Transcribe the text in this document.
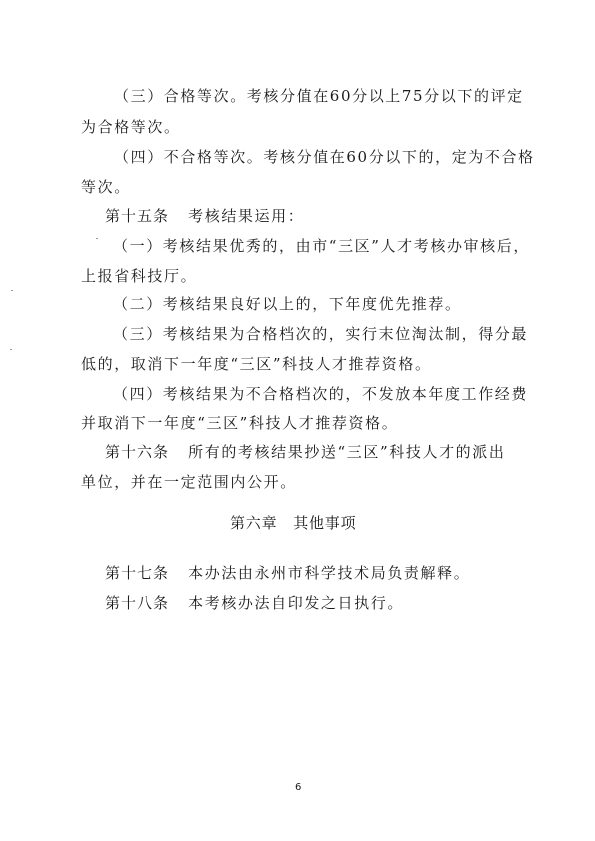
（三）合格等次。考核分值在60分以上75分以下的评定
为合格等次。
（四）不合格等次。考核分值在60分以下的，定为不合格
等次。
第十五条 考核结果运用：
（一）考核结果优秀的，由市“三区”人才考核办审核后，
上报省科技厅。
（二）考核结果良好以上的，下年度优先推荐。
（三）考核结果为合格档次的，实行末位淘汰制，得分最
低的，取消下一年度“三区”科技人才推荐资格。
（四）考核结果为不合格档次的，不发放本年度工作经费
并取消下一年度“三区”科技人才推荐资格。
第十六条 所有的考核结果抄送“三区”科技人才的派出
单位，并在一定范围内公开。
第六章　其他事项
第十七条 本办法由永州市科学技术局负责解释。
第十八条 本考核办法自印发之日执行。
6
